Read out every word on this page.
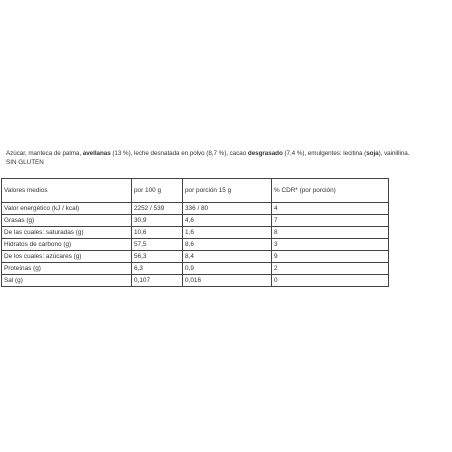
Azúcar, manteca de palma, avellanas (13 %), leche desnatada en polvo (8,7 %), cacao desgrasado (7,4 %), emulgentes: lecitina (soja), vainillina.

SIN GLUTEN
Valores medios	por 100 g	por porción 15 g	% CDR* (por porción)
Valor energético (kJ / kcal)	2252 / 539	336 / 80	4
Grasas (g)	30,9	4,6	7
De las cuales: saturadas (g)	10,6	1,6	8
Hidratos de carbono (g)	57,5	8,6	3
De los cuales: azúcares (g)	56,3	8,4	9
Proteínas (g)	6,3	0,9	2
Sal (g)	0,107	0,016	0
